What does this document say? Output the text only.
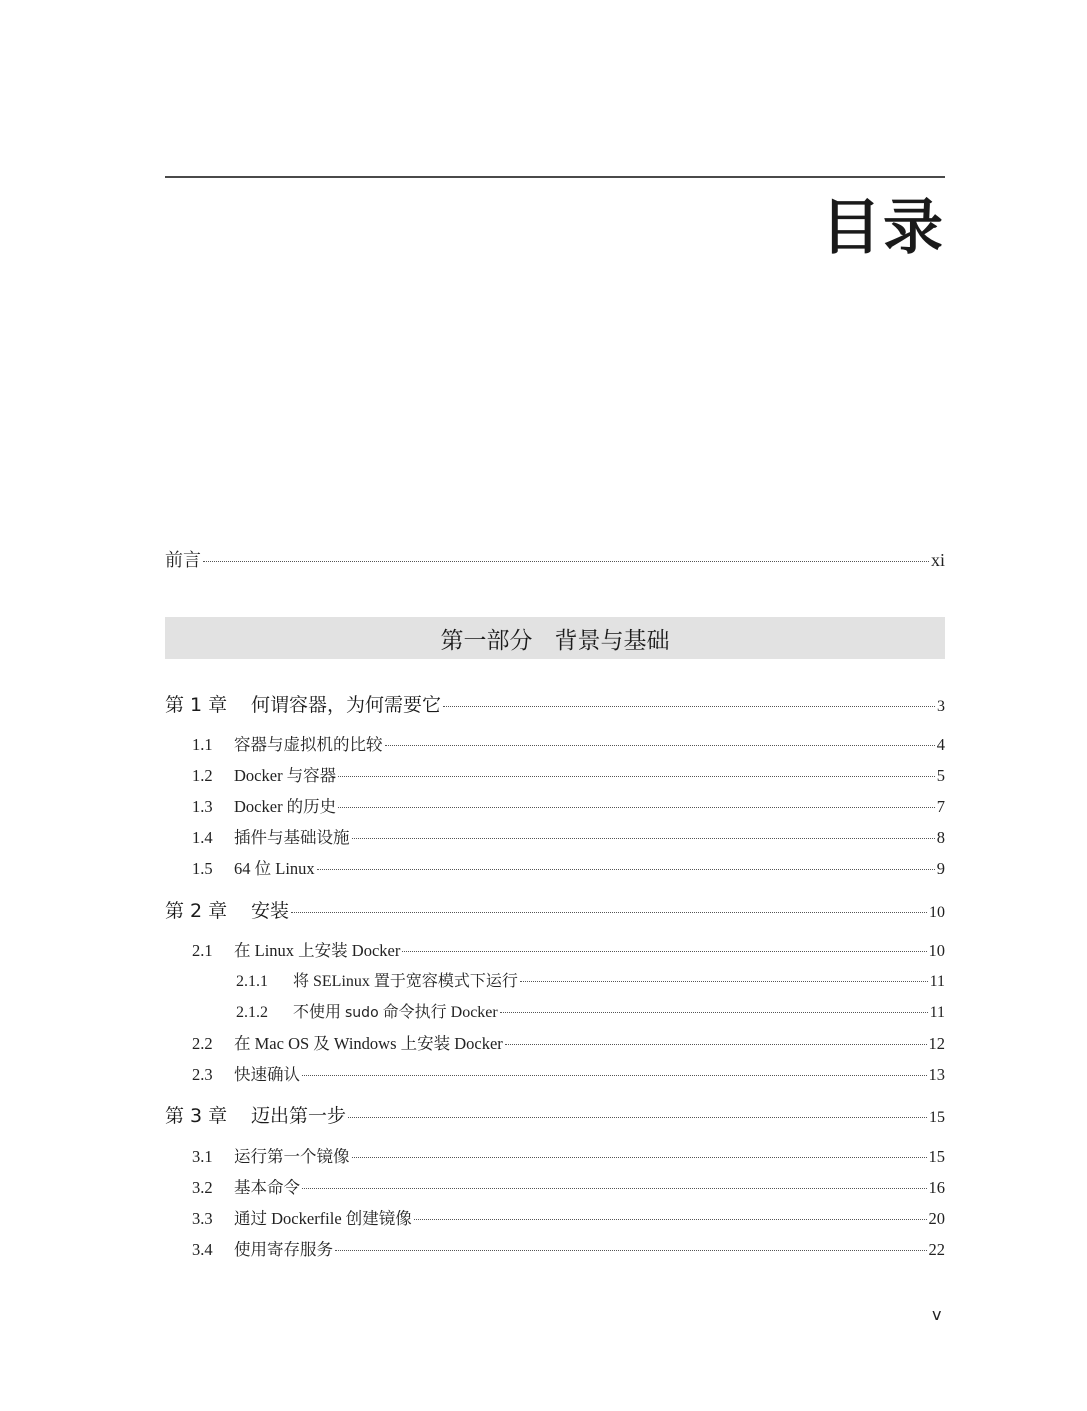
目录
前言	xi
第一部分
背景与基础
第 1 章	何谓容器，为何需要它	3
1.1	容器与虚拟机的比较	4
1.2	Docker 与容器	5
1.3	Docker 的历史	7
1.4	插件与基础设施	8
1.5	64 位 Linux	9
第 2 章	安装	10
2.1	在 Linux 上安装 Docker	10
2.1.1	将 SELinux 置于宽容模式下运行	11
2.1.2	不使用 sudo 命令执行 Docker	11
2.2	在 Mac OS 及 Windows 上安装 Docker	12
2.3	快速确认	13
第 3 章	迈出第一步	15
3.1	运行第一个镜像	15
3.2	基本命令	16
3.3	通过 Dockerfile 创建镜像	20
3.4	使用寄存服务	22
v
